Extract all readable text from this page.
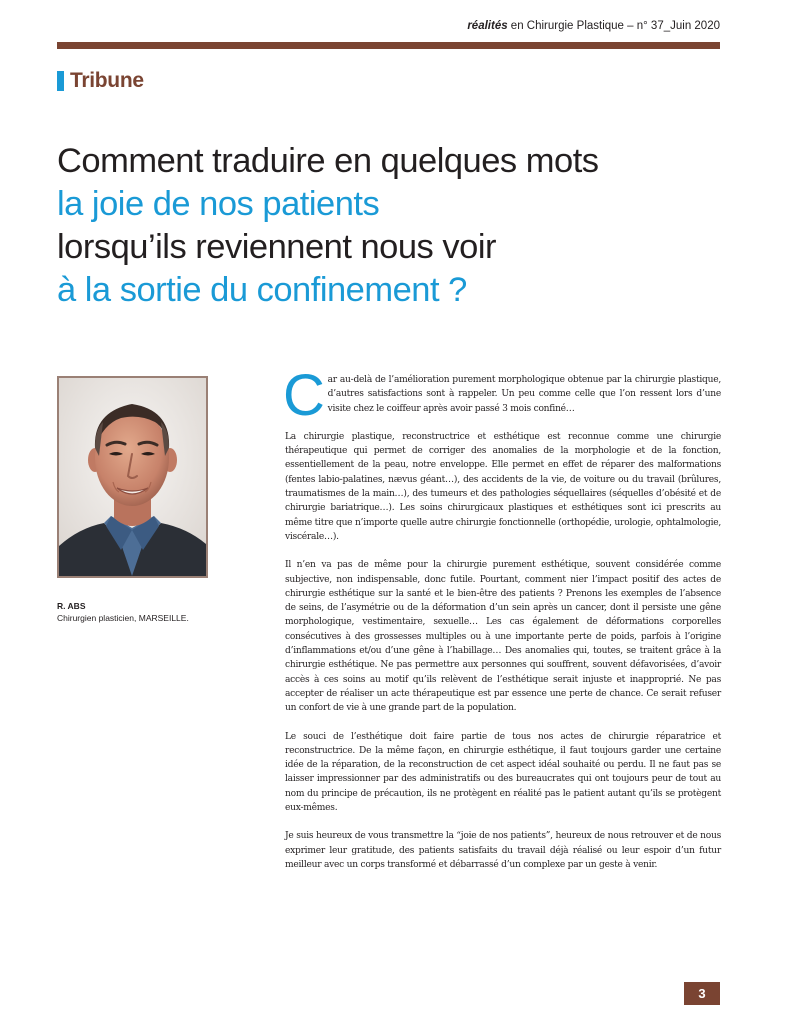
réalités en Chirurgie Plastique – n° 37_Juin 2020
Tribune
Comment traduire en quelques mots
la joie de nos patients
lorsqu’ils reviennent nous voir
à la sortie du confinement ?
R. ABS
Chirurgien plasticien, MARSEILLE.

Car au-delà de l’amélioration purement morphologique obtenue par la chirurgie plastique, d’autres satisfactions sont à rappeler. Un peu comme celle que l’on ressent lors d’une visite chez le coiffeur après avoir passé 3 mois confiné…

La chirurgie plastique, reconstructrice et esthétique est reconnue comme une chirurgie thérapeutique qui permet de corriger des anomalies de la morphologie et de la fonction, essentiellement de la peau, notre enveloppe. Elle permet en effet de réparer des malformations (fentes labio-palatines, nævus géant…), des accidents de la vie, de voiture ou du travail (brûlures, traumatismes de la main…), des tumeurs et des pathologies séquellaires (séquelles d’obésité et de chirurgie bariatrique…). Les soins chirurgicaux plastiques et esthétiques sont ici prescrits au même titre que n’importe quelle autre chirurgie fonctionnelle (orthopédie, urologie, ophtalmologie, viscérale…).

Il n’en va pas de même pour la chirurgie purement esthétique, souvent considérée comme subjective, non indispensable, donc futile. Pourtant, comment nier l’impact positif des actes de chirurgie esthétique sur la santé et le bien-être des patients ? Prenons les exemples de l’absence de seins, de l’asymétrie ou de la déformation d’un sein après un cancer, dont il persiste une gêne morphologique, vestimentaire, sexuelle… Les cas également de déformations corporelles consécutives à des grossesses multiples ou à une importante perte de poids, parfois à l’origine d’inflammations et/ou d’une gêne à l’habillage… Des anomalies qui, toutes, se traitent grâce à la chirurgie esthétique. Ne pas permettre aux personnes qui souffrent, souvent défavorisées, d’avoir accès à ces soins au motif qu’ils relèvent de l’esthétique serait injuste et inapproprié. Ne pas accepter de réaliser un acte thérapeutique est par essence une perte de chance. Ce serait refuser un confort de vie à une grande part de la population.

Le souci de l’esthétique doit faire partie de tous nos actes de chirurgie réparatrice et reconstructrice. De la même façon, en chirurgie esthétique, il faut toujours garder une certaine idée de la réparation, de la reconstruction de cet aspect idéal souhaité ou perdu. Il ne faut pas se laisser impressionner par des administratifs ou des bureaucrates qui ont toujours peur de tout au nom du principe de précaution, ils ne protègent en réalité pas le patient autant qu’ils se protègent eux-mêmes.

Je suis heureux de vous transmettre la “joie de nos patients”, heureux de nous retrouver et de nous exprimer leur gratitude, des patients satisfaits du travail déjà réalisé ou leur espoir d’un futur meilleur avec un corps transformé et débarrassé d’un complexe par un geste à venir.

3
